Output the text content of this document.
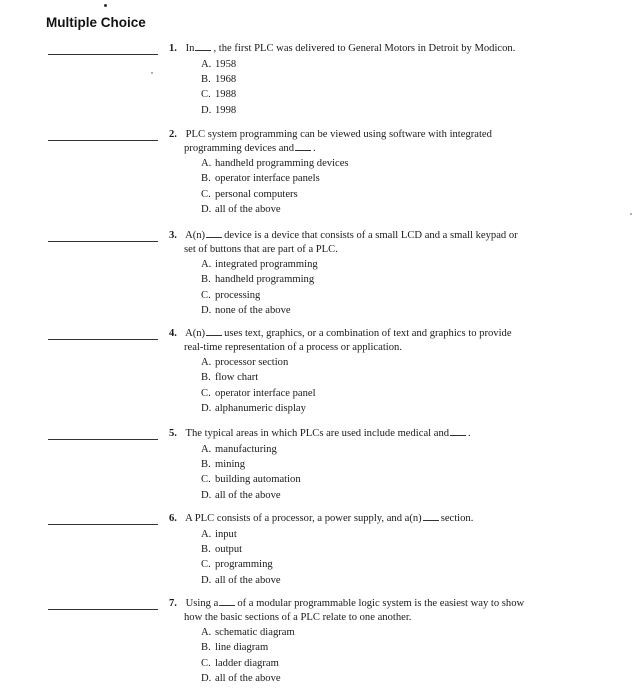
Multiple Choice
1. In , the first PLC was delivered to General Motors in Detroit by Modicon.
A. 1958
B. 1968
C. 1988
D. 1998
2. PLC system programming can be viewed using software with integrated
programming devices and .
A. handheld programming devices
B. operator interface panels
C. personal computers
D. all of the above
3. A(n) device is a device that consists of a small LCD and a small keypad or
set of buttons that are part of a PLC.
A. integrated programming
B. handheld programming
C. processing
D. none of the above
4. A(n) uses text, graphics, or a combination of text and graphics to provide
real-time representation of a process or application.
A. processor section
B. flow chart
C. operator interface panel
D. alphanumeric display
5. The typical areas in which PLCs are used include medical and .
A. manufacturing
B. mining
C. building automation
D. all of the above
6. A PLC consists of a processor, a power supply, and a(n) section.
A. input
B. output
C. programming
D. all of the above
7. Using a of a modular programmable logic system is the easiest way to show
how the basic sections of a PLC relate to one another.
A. schematic diagram
B. line diagram
C. ladder diagram
D. all of the above
